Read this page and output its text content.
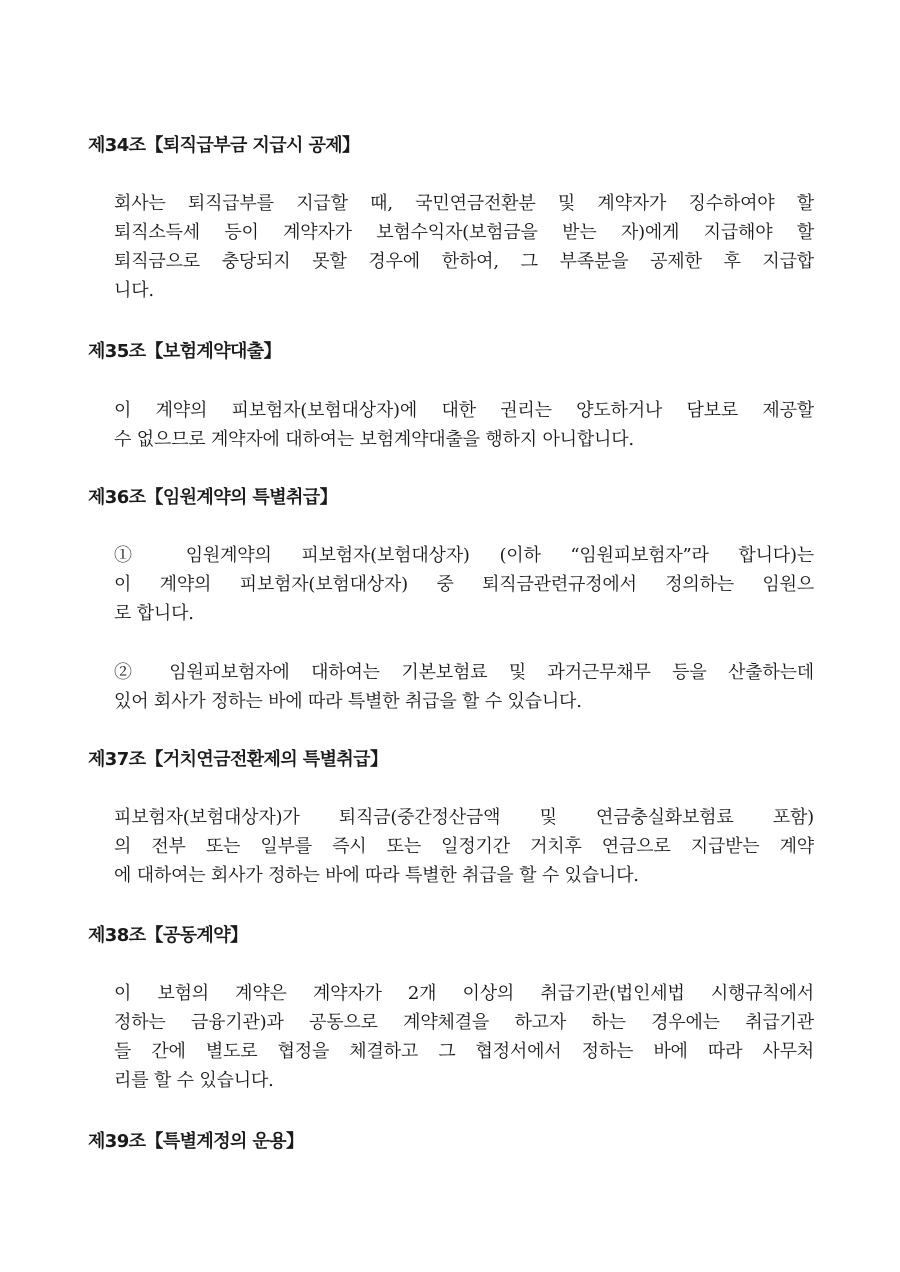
제34조【퇴직급부금 지급시 공제】
회사는 퇴직급부를 지급할 때, 국민연금전환분 및 계약자가 징수하여야 할
퇴직소득세 등이 계약자가 보험수익자(보험금을 받는 자)에게 지급해야 할
퇴직금으로 충당되지 못할 경우에 한하여, 그 부족분을 공제한 후 지급합
니다.
제35조【보험계약대출】
이 계약의 피보험자(보험대상자)에 대한 권리는 양도하거나 담보로 제공할
수 없으므로 계약자에 대하여는 보험계약대출을 행하지 아니합니다.
제36조【임원계약의 특별취급】
① 임원계약의 피보험자(보험대상자) (이하 “임원피보험자”라 합니다)는
이 계약의 피보험자(보험대상자) 중 퇴직금관련규정에서 정의하는 임원으
로 합니다.
② 임원피보험자에 대하여는 기본보험료 및 과거근무채무 등을 산출하는데
있어 회사가 정하는 바에 따라 특별한 취급을 할 수 있습니다.
제37조【거치연금전환제의 특별취급】
피보험자(보험대상자)가 퇴직금(중간정산금액 및 연금충실화보험료 포함)
의 전부 또는 일부를 즉시 또는 일정기간 거치후 연금으로 지급받는 계약
에 대하여는 회사가 정하는 바에 따라 특별한 취급을 할 수 있습니다.
제38조【공동계약】
이 보험의 계약은 계약자가 2개 이상의 취급기관(법인세법 시행규칙에서
정하는 금융기관)과 공동으로 계약체결을 하고자 하는 경우에는 취급기관
들 간에 별도로 협정을 체결하고 그 협정서에서 정하는 바에 따라 사무처
리를 할 수 있습니다.
제39조【특별계정의 운용】
